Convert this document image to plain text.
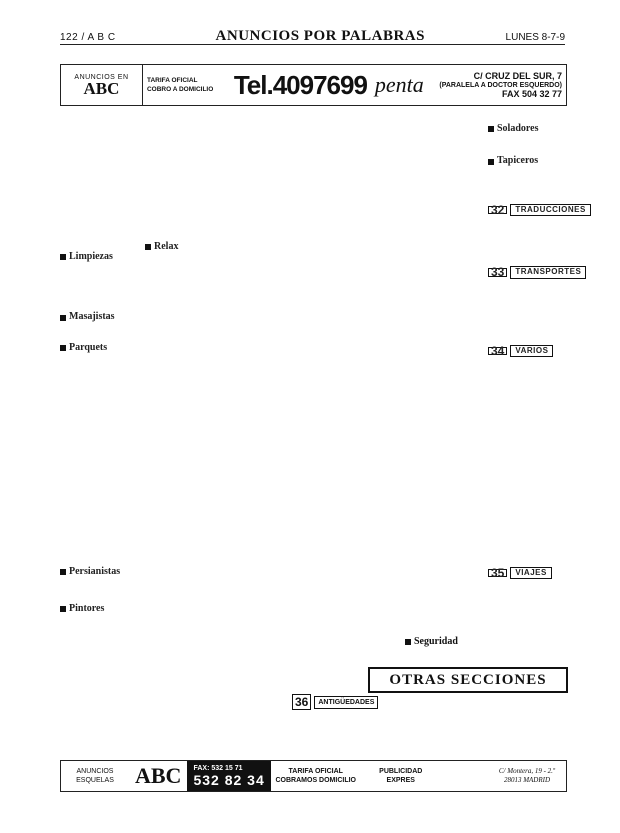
122 / A B C	ANUNCIOS POR PALABRAS	LUNES 8-7-9
ANUNCIOS EN
ABC	TARIFA OFICIAL
COBRO A DOMICILIO Tel.4097699 penta	C/ CRUZ DEL SUR, 7
(PARALELA A DOCTOR ESQUERDO)
FAX 504 32 77
Limpiezas
Masajistas
Parquets
Persianistas
Pintores
Relax
Soladores
Tapiceros
32	TRADUCCIONES
33	TRANSPORTES
34	VARIOS
35	VIAJES
Seguridad
OTRAS SECCIONES
36	ANTIGÜEDADES
ANUNCIOS
ESQUELAS ABC	FAX: 532 15 71
532 82 34	TARIFA OFICIAL
COBRAMOS DOMICILIO
PUBLICIDAD
EXPRES
C/ Montera, 19 - 2.º
28013 MADRID
